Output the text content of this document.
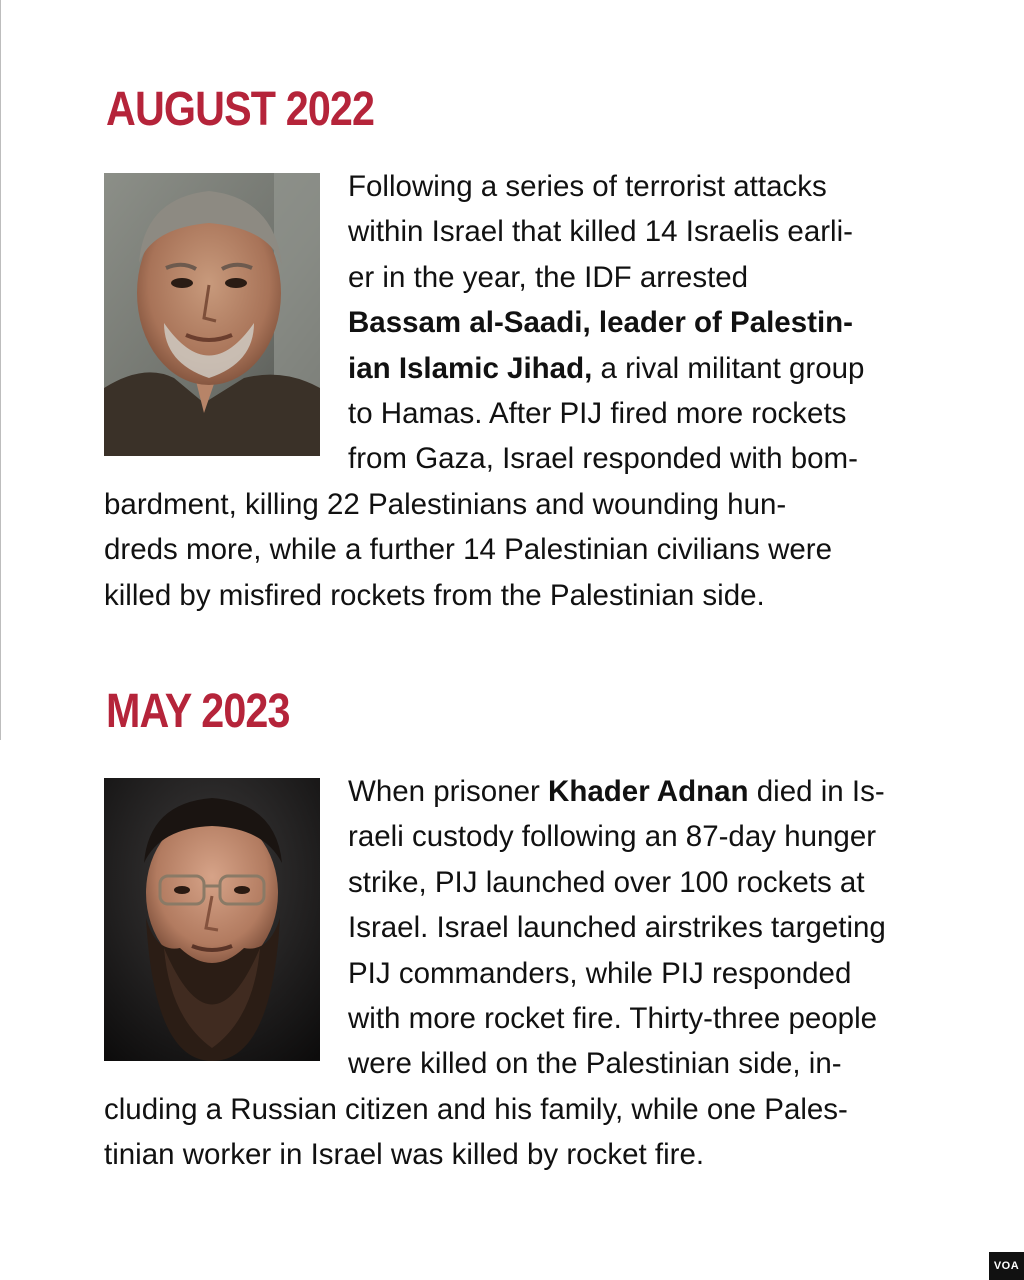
AUGUST 2022

Following a series of terrorist attacks
within Israel that killed 14 Israelis earli-
er in the year, the IDF arrested
Bassam al-Saadi, leader of Palestin-
ian Islamic Jihad, a rival militant group
to Hamas. After PIJ fired more rockets
from Gaza, Israel responded with bom-
bardment, killing 22 Palestinians and wounding hun-
dreds more, while a further 14 Palestinian civilians were
killed by misfired rockets from the Palestinian side.

MAY 2023

When prisoner Khader Adnan died in Is-
raeli custody following an 87-day hunger
strike, PIJ launched over 100 rockets at
Israel. Israel launched airstrikes targeting
PIJ commanders, while PIJ responded
with more rocket fire. Thirty-three people
were killed on the Palestinian side, in-
cluding a Russian citizen and his family, while one Pales-
tinian worker in Israel was killed by rocket fire.

VOA
